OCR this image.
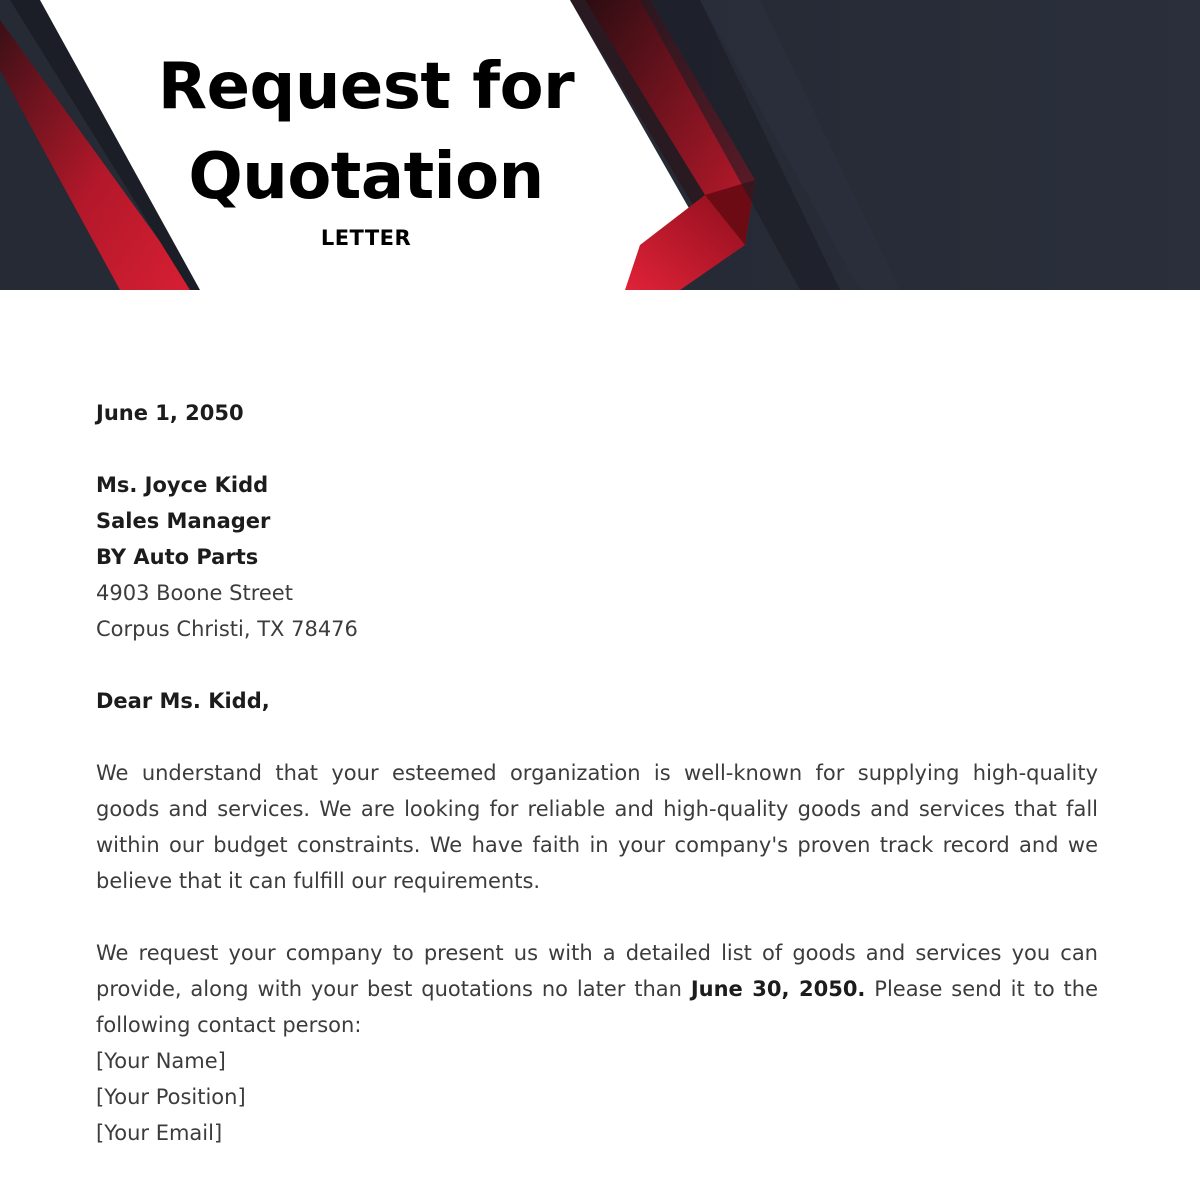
Request for
Quotation
LETTER
June 1, 2050
Ms. Joyce Kidd
Sales Manager
BY Auto Parts
4903 Boone Street
Corpus Christi, TX 78476
Dear Ms. Kidd,

We understand that your esteemed organization is well-known for supplying high-quality goods and services. We are looking for reliable and high-quality goods and services that fall within our budget constraints. We have faith in your company's proven track record and we believe that it can fulfill our requirements.

We request your company to present us with a detailed list of goods and services you can provide, along with your best quotations no later than June 30, 2050. Please send it to the following contact person:

[Your Name]
[Your Position]
[Your Email]
